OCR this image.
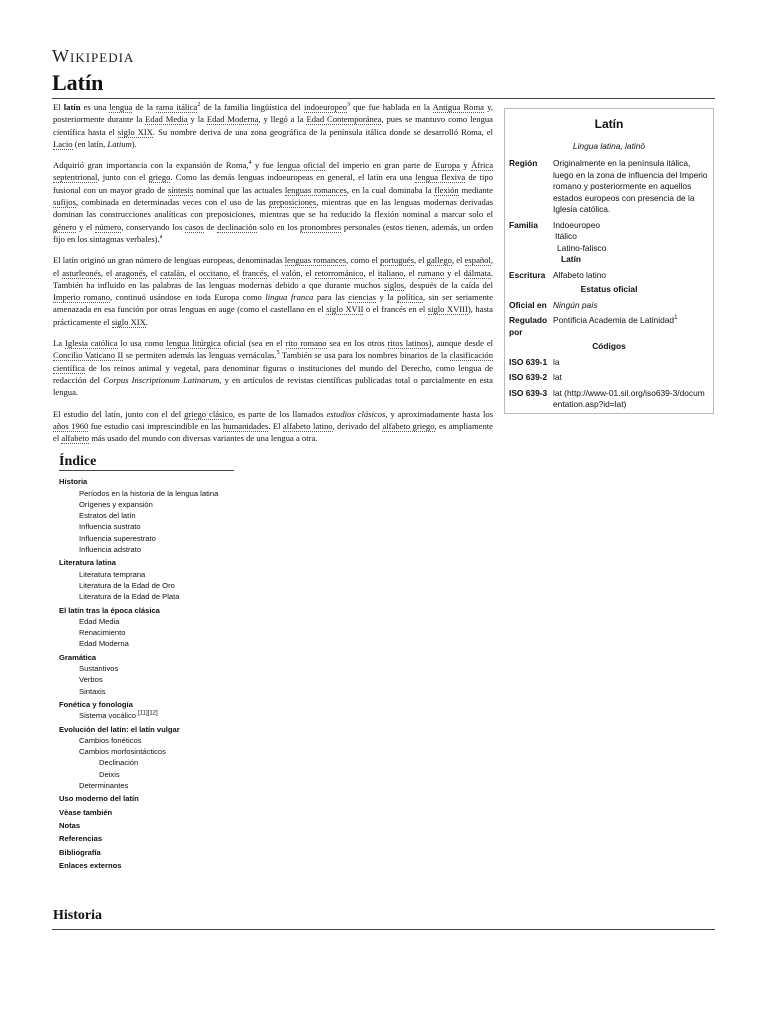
Wikipedia
Latín

El latín es una lengua de la rama itálica$^2$ de la familia lingüística del indoeuropeo$^3$ que fue hablada en la Antigua Roma y, posteriormente durante la Edad Media y la Edad Moderna, y llegó a la Edad Contemporánea, pues se mantuvo como lengua científica hasta el siglo XIX. Su nombre deriva de una zona geográfica de la península itálica donde se desarrolló Roma, el Lacio (en latín, Latium).

Adquirió gran importancia con la expansión de Roma,$^4$ y fue lengua oficial del imperio en gran parte de Europa y África septentrional, junto con el griego. Como las demás lenguas indoeuropeas en general, el latín era una lengua flexiva de tipo fusional con un mayor grado de síntesis nominal que las actuales lenguas romances, en la cual dominaba la flexión mediante sufijos, combinada en determinadas veces con el uso de las preposiciones, mientras que en las lenguas modernas derivadas dominan las construcciones analíticas con preposiciones, mientras que se ha reducido la flexión nominal a marcar solo el género y el número, conservando los casos de declinación solo en los pronombres personales (estos tienen, además, un orden fijo en los sintagmas verbales).$^a$

El latín originó un gran número de lenguas europeas, denominadas lenguas romances, como el portugués, el gallego, el español, el asturleonés, el aragonés, el catalán, el occitano, el francés, el valón, el retorrománico, el italiano, el rumano y el dálmata. También ha influido en las palabras de las lenguas modernas debido a que durante muchos siglos, después de la caída del Imperio romano, continuó usándose en toda Europa como lingua franca para las ciencias y la política, sin ser seriamente amenazada en esa función por otras lenguas en auge (como el castellano en el siglo XVII o el francés en el siglo XVIII), hasta prácticamente el siglo XIX.

La Iglesia católica lo usa como lengua litúrgica oficial (sea en el rito romano sea en los otros ritos latinos), aunque desde el Concilio Vaticano II se permiten además las lenguas vernáculas.$^5$ También se usa para los nombres binarios de la clasificación científica de los reinos animal y vegetal, para denominar figuras o instituciones del mundo del Derecho, como lengua de redacción del Corpus Inscriptionum Latinarum, y en artículos de revistas científicas publicadas total o parcialmente en esta lengua.

El estudio del latín, junto con el del griego clásico, es parte de los llamados estudios clásicos, y aproximadamente hasta los años 1960 fue estudio casi imprescindible en las humanidades. El alfabeto latino, derivado del alfabeto griego, es ampliamente el alfabeto más usado del mundo con diversas variantes de una lengua a otra.

Latín
Lingua latina, latinō
Región	Originalmente en la península itálica, luego en la zona de influencia del Imperio romano y posteriormente en aquellos estados europeos con presencia de la Iglesia católica.
Familia	Indoeuropeo
Itálico
Latino-falisco
Latín
Escritura Alfabeto latino
Estatus oficial
Oficial en Ningún país
Regulado por
Pontificia Academia de Latinidad$^1$
Códigos
ISO 639-1 la
ISO 639-2 lat
ISO 639-3 lat (http://www-01.sil.org/iso639-3/documentation.asp?id=lat)
Índice
Historia
Períodos en la historia de la lengua latina
Orígenes y expansión
Estratos del latín
Influencia sustrato
Influencia superestrato
Influencia adstrato
Literatura latina
Literatura temprana
Literatura de la Edad de Oro
Literatura de la Edad de Plata
El latín tras la época clásica
Edad Media
Renacimiento
Edad Moderna
Gramática
Sustantivos
Verbos
Sintaxis
Fonética y fonología
Sistema vocálico [11][12]
Evolución del latín: el latín vulgar
Cambios fonéticos
Cambios morfosintácticos
Declinación
Deixis
Determinantes
Uso moderno del latín
Véase también
Notas
Referencias
Bibliografía
Enlaces externos
Historia
